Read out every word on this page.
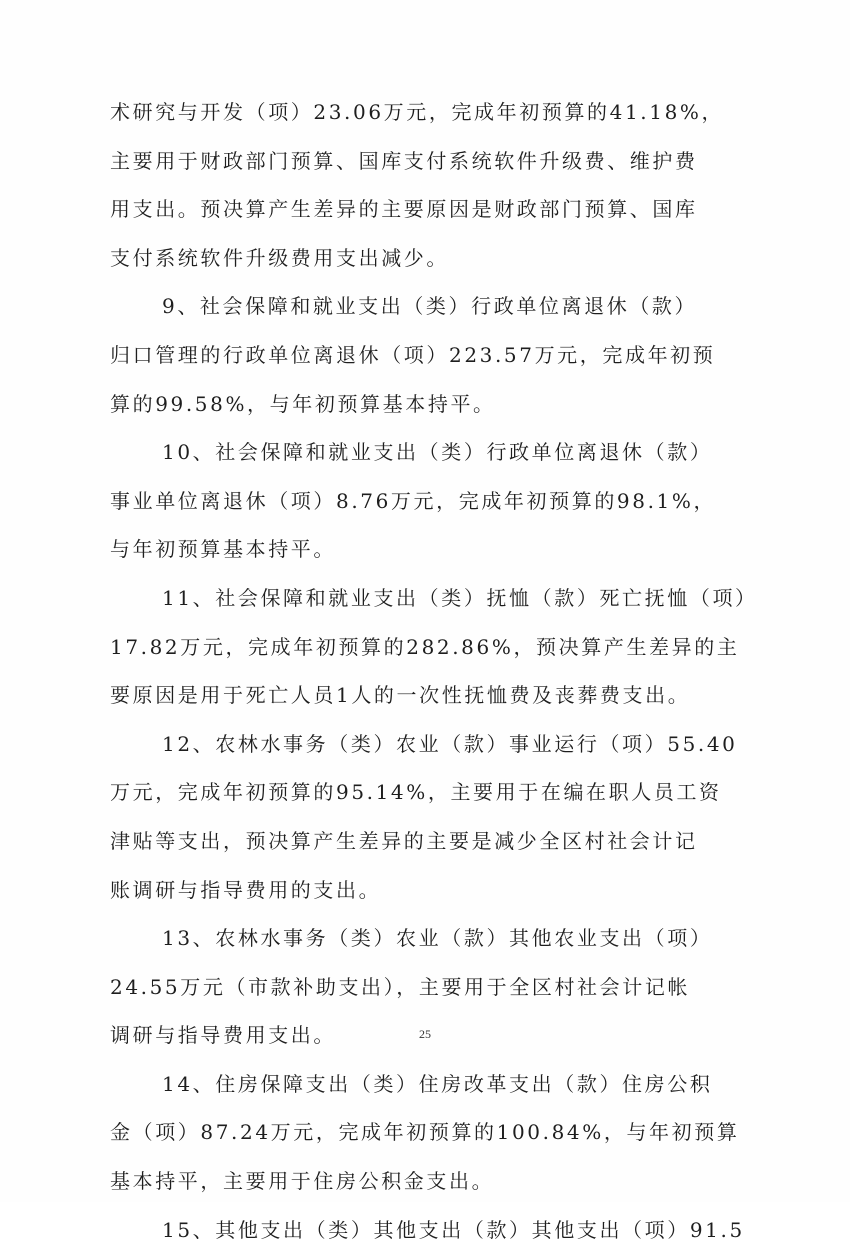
术研究与开发（项）23.06万元，完成年初预算的41.18%，
主要用于财政部门预算、国库支付系统软件升级费、维护费
用支出。预决算产生差异的主要原因是财政部门预算、国库
支付系统软件升级费用支出减少。
9、社会保障和就业支出（类）行政单位离退休（款）
归口管理的行政单位离退休（项）223.57万元，完成年初预
算的99.58%，与年初预算基本持平。
10、社会保障和就业支出（类）行政单位离退休（款）
事业单位离退休（项）8.76万元，完成年初预算的98.1%，
与年初预算基本持平。
11、社会保障和就业支出（类）抚恤（款）死亡抚恤（项）
17.82万元，完成年初预算的282.86%，预决算产生差异的主
要原因是用于死亡人员1人的一次性抚恤费及丧葬费支出。
12、农林水事务（类）农业（款）事业运行（项）55.40
万元，完成年初预算的95.14%，主要用于在编在职人员工资
津贴等支出，预决算产生差异的主要是减少全区村社会计记
账调研与指导费用的支出。
13、农林水事务（类）农业（款）其他农业支出（项）
24.55万元（市款补助支出），主要用于全区村社会计记帐
调研与指导费用支出。
14、住房保障支出（类）住房改革支出（款）住房公积
金（项）87.24万元，完成年初预算的100.84%，与年初预算
基本持平，主要用于住房公积金支出。
15、其他支出（类）其他支出（款）其他支出（项）91.5
25
